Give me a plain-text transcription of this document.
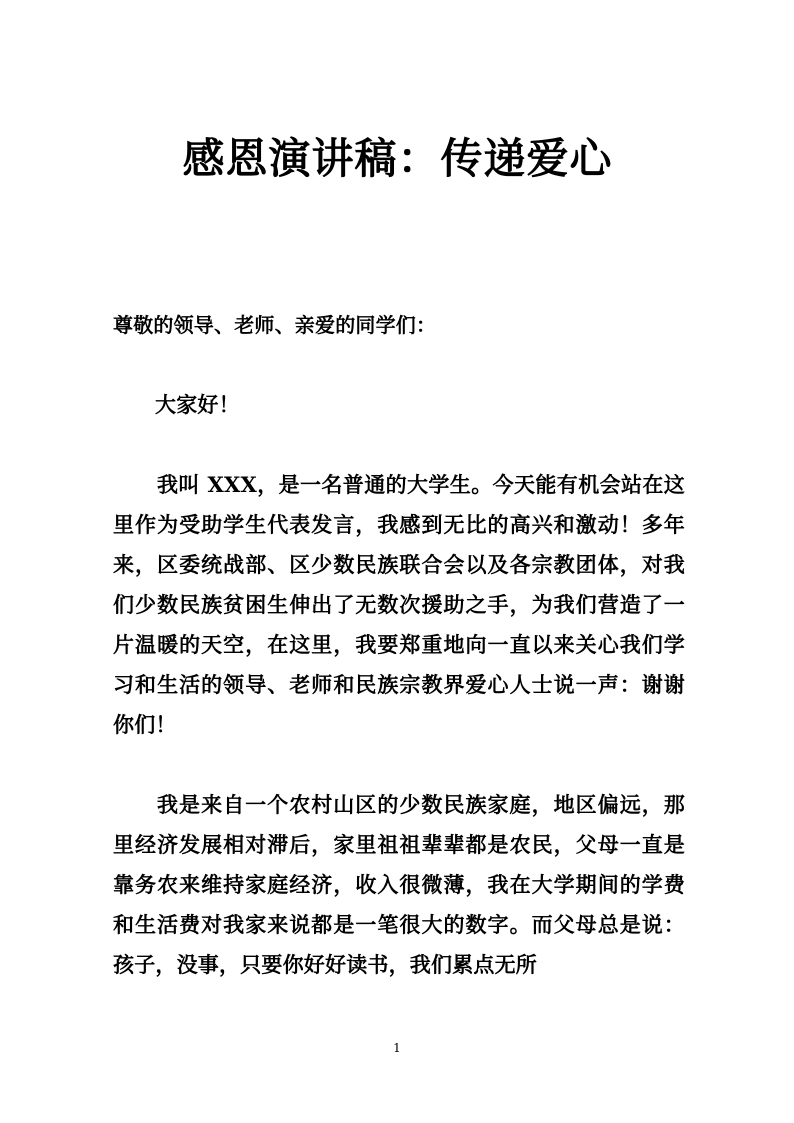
感恩演讲稿：传递爱心

尊敬的领导、老师、亲爱的同学们：

大家好！

我叫 XXX，是一名普通的大学生。今天能有机会站在这里作为受助学生代表发言，我感到无比的高兴和激动！多年来，区委统战部、区少数民族联合会以及各宗教团体，对我们少数民族贫困生伸出了无数次援助之手，为我们营造了一片温暖的天空，在这里，我要郑重地向一直以来关心我们学习和生活的领导、老师和民族宗教界爱心人士说一声：谢谢你们！

我是来自一个农村山区的少数民族家庭，地区偏远，那里经济发展相对滞后，家里祖祖辈辈都是农民，父母一直是靠务农来维持家庭经济，收入很微薄，我在大学期间的学费和生活费对我家来说都是一笔很大的数字。而父母总是说：孩子，没事，只要你好好读书，我们累点无所

1
